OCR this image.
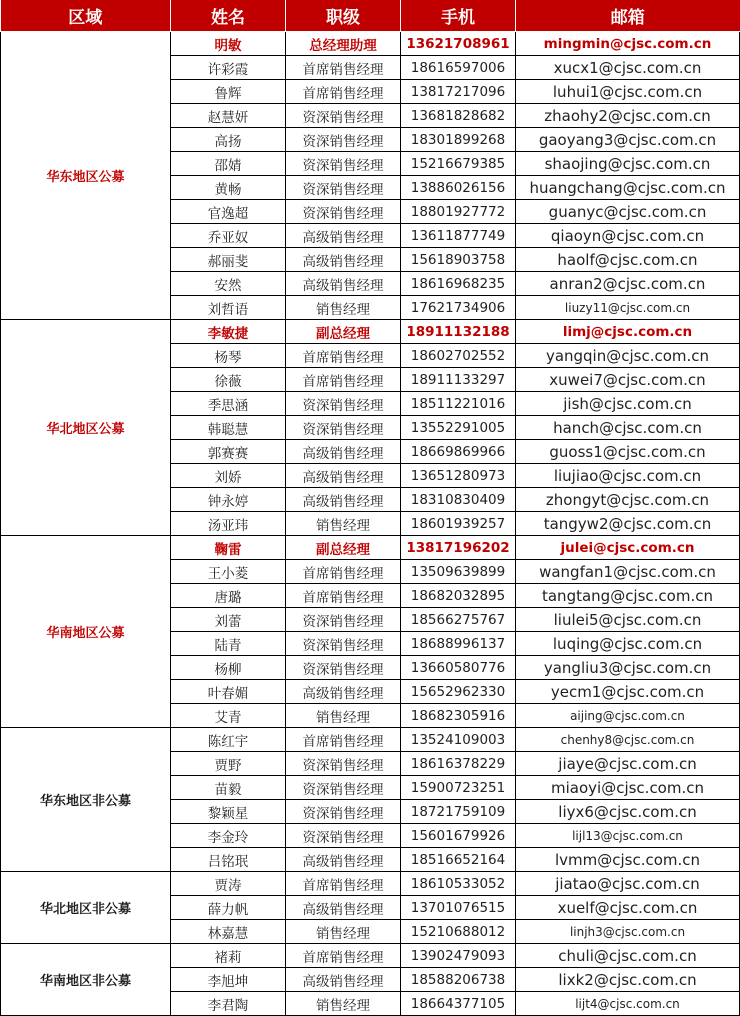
区域	姓名	职级	手机	邮箱
华东地区公募	明敏	总经理助理	13621708961	mingmin@cjsc.com.cn
	许彩霞	首席销售经理	18616597006	xucx1@cjsc.com.cn
	鲁辉	首席销售经理	13817217096	luhui1@cjsc.com.cn
	赵慧妍	资深销售经理	13681828682	zhaohy2@cjsc.com.cn
	高扬	资深销售经理	18301899268	gaoyang3@cjsc.com.cn
	邵婧	资深销售经理	15216679385	shaojing@cjsc.com.cn
	黄畅	资深销售经理	13886026156	huangchang@cjsc.com.cn
	官逸超	资深销售经理	18801927772	guanyc@cjsc.com.cn
	乔亚奴	高级销售经理	13611877749	qiaoyn@cjsc.com.cn
	郝丽斐	高级销售经理	15618903758	haolf@cjsc.com.cn
	安然	高级销售经理	18616968235	anran2@cjsc.com.cn
	刘哲语	销售经理	17621734906	liuzy11@cjsc.com.cn
华北地区公募	李敏捷	副总经理	18911132188	limj@cjsc.com.cn
	杨琴	首席销售经理	18602702552	yangqin@cjsc.com.cn
	徐薇	首席销售经理	18911133297	xuwei7@cjsc.com.cn
	季思涵	资深销售经理	18511221016	jish@cjsc.com.cn
	韩聪慧	资深销售经理	13552291005	hanch@cjsc.com.cn
	郭赛赛	高级销售经理	18669869966	guoss1@cjsc.com.cn
	刘娇	高级销售经理	13651280973	liujiao@cjsc.com.cn
	钟永婷	高级销售经理	18310830409	zhongyt@cjsc.com.cn
	汤亚玮	销售经理	18601939257	tangyw2@cjsc.com.cn
华南地区公募	鞠雷	副总经理	13817196202	julei@cjsc.com.cn
	王小菱	首席销售经理	13509639899	wangfan1@cjsc.com.cn
	唐璐	首席销售经理	18682032895	tangtang@cjsc.com.cn
	刘蕾	资深销售经理	18566275767	liulei5@cjsc.com.cn
	陆青	资深销售经理	18688996137	luqing@cjsc.com.cn
	杨柳	资深销售经理	13660580776	yangliu3@cjsc.com.cn
	叶春媚	高级销售经理	15652962330	yecm1@cjsc.com.cn
	艾青	销售经理	18682305916	aijing@cjsc.com.cn
华东地区非公募	陈红宇	首席销售经理	13524109003	chenhy8@cjsc.com.cn
	贾野	资深销售经理	18616378229	jiaye@cjsc.com.cn
	苗毅	资深销售经理	15900723251	miaoyi@cjsc.com.cn
	黎颖星	资深销售经理	18721759109	liyx6@cjsc.com.cn
	李金玲	资深销售经理	15601679926	lijl13@cjsc.com.cn
	吕铭珉	高级销售经理	18516652164	lvmm@cjsc.com.cn
华北地区非公募	贾涛	首席销售经理	18610533052	jiatao@cjsc.com.cn
	薛力帆	高级销售经理	13701076515	xuelf@cjsc.com.cn
	林嘉慧	销售经理	15210688012	linjh3@cjsc.com.cn
华南地区非公募	褚莉	首席销售经理	13902479093	chuli@cjsc.com.cn
	李旭坤	高级销售经理	18588206738	lixk2@cjsc.com.cn
	李君陶	销售经理	18664377105	lijt4@cjsc.com.cn
